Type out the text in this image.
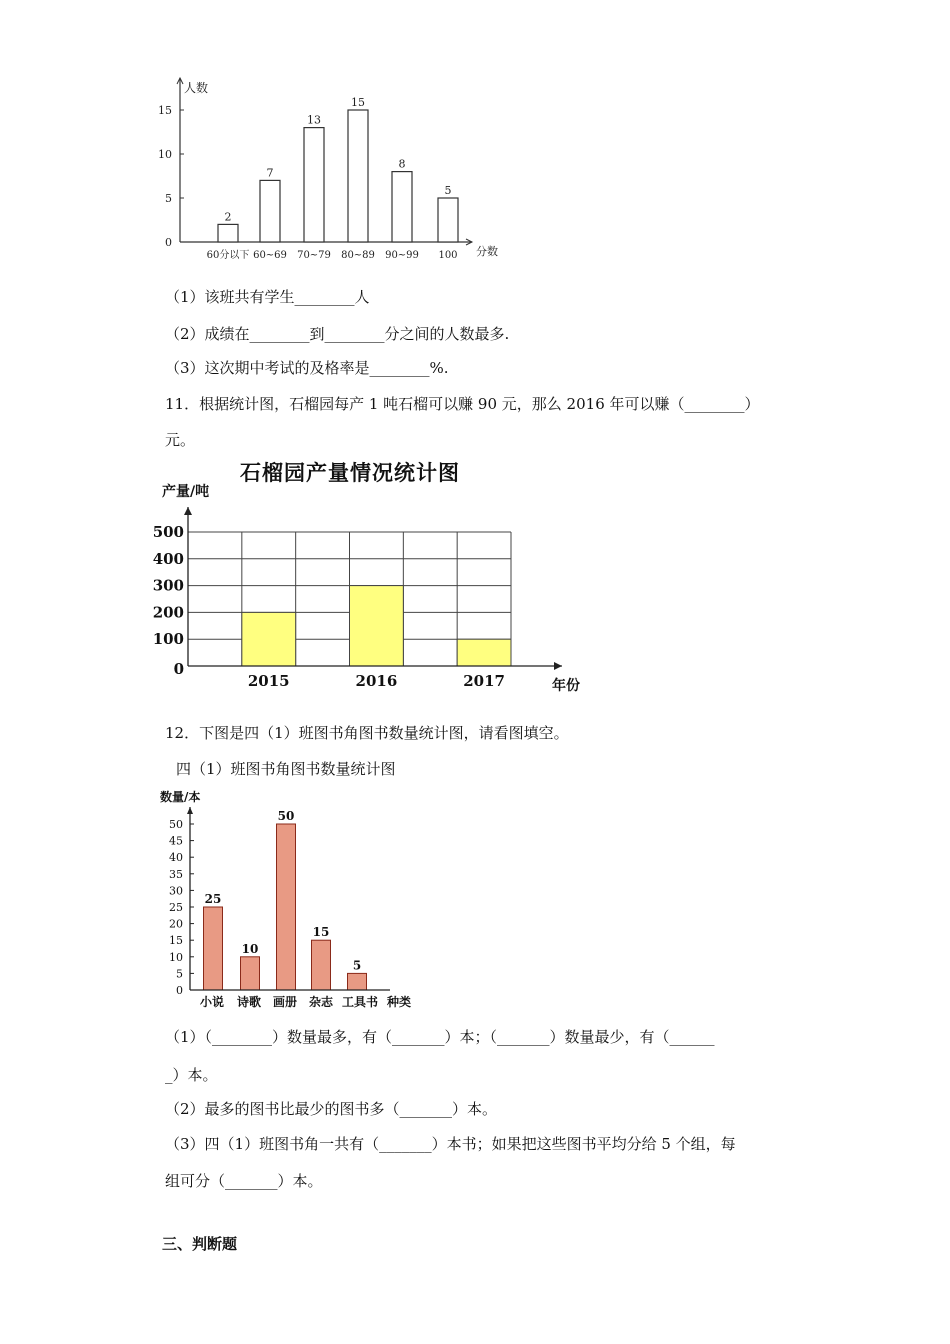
人数
分数
0
5
10
15
2
60分以下
7
60~69
13
70~79
15
80~89
8
90~99
5
100
（1）该班共有学生________人
（2）成绩在________到________分之间的人数最多.
（3）这次期中考试的及格率是________%.
11．根据统计图，石榴园每产 1 吨石榴可以赚 90 元，那么 2016 年可以赚（________）
元。
石榴园产量情况统计图
2015	2016	2017
产量/吨
年份
0
100
200
300
400
500
12．下图是四（1）班图书角图书数量统计图，请看图填空。
四（1）班图书角图书数量统计图
数量/本
种类
0
5
10
15
20
25
30
35
40
45
50
25
小说
10
诗歌
50
画册
15
杂志
5
工具书
（1）（________）数量最多，有（_______）本；（_______）数量最少，有（______
_）本。
（2）最多的图书比最少的图书多（_______）本。
（3）四（1）班图书角一共有（_______）本书；如果把这些图书平均分给 5 个组，每
组可分（_______）本。
三、判断题
